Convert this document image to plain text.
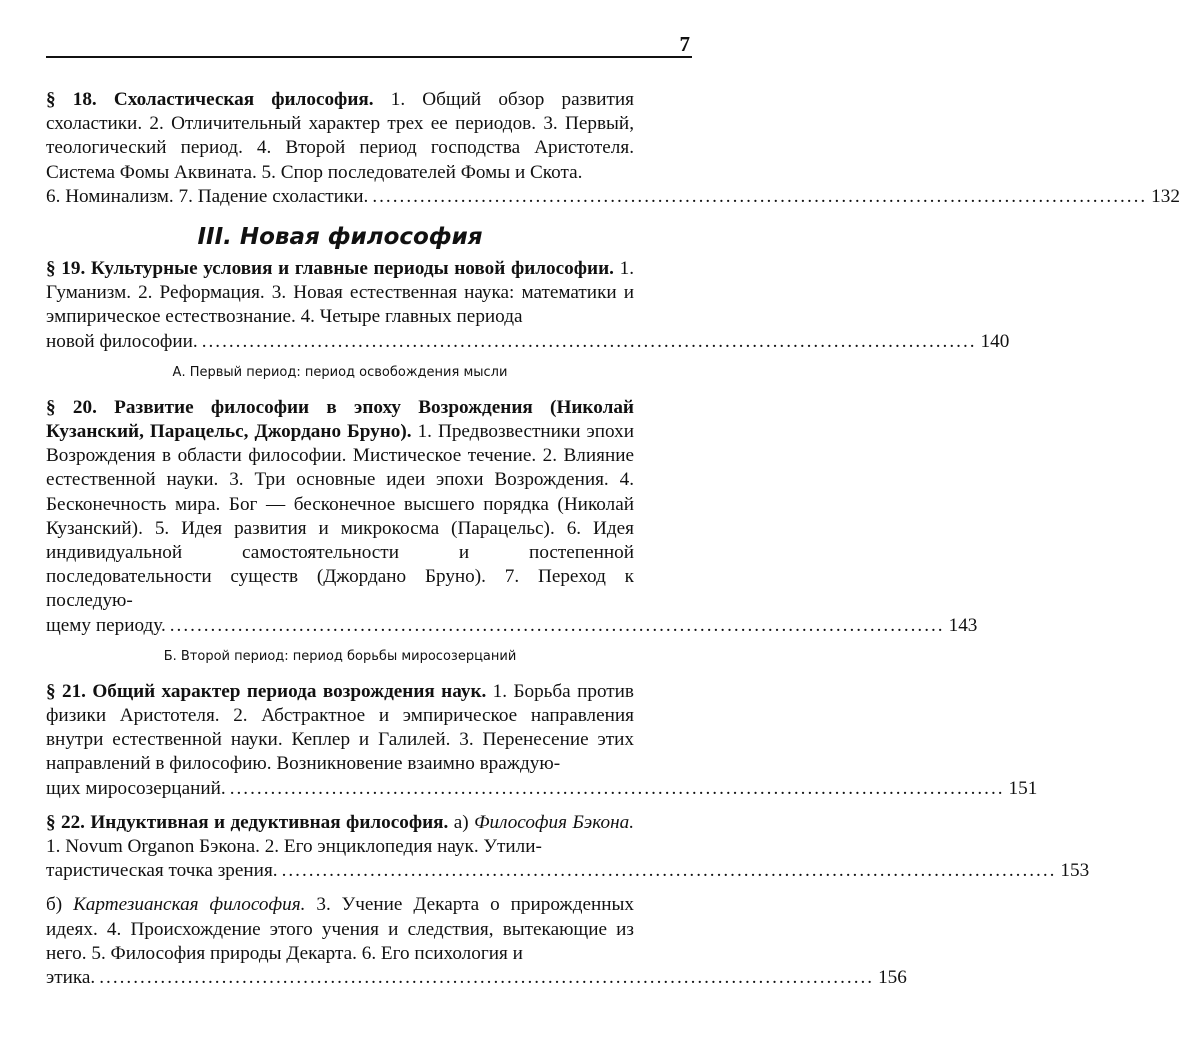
7
§ 18. Схоластическая философия. 1. Общий обзор развития схоластики. 2. Отличительный характер трех ее периодов. 3. Первый, теологический период. 4. Второй период господства Аристотеля. Система Фомы Аквината. 5. Спор последователей Фомы и Скота.
6. Номинализм. 7. Падение схоластики. .................................................................................................................. 132
III. Новая философия
§ 19. Культурные условия и главные периоды новой философии. 1. Гуманизм. 2. Реформация. 3. Новая естественная наука: математики и эмпирическое естествознание. 4. Четыре главных периода
новой философии. .................................................................................................................. 140
А. Первый период: период освобождения мысли
§ 20. Развитие философии в эпоху Возрождения (Николай Кузанский, Парацельс, Джордано Бруно). 1. Предвозвестники эпохи Возрождения в области философии. Мистическое течение. 2. Влияние естественной науки. 3. Три основные идеи эпохи Возрождения. 4. Бесконечность мира. Бог — бесконечное высшего порядка (Николай Кузанский). 5. Идея развития и микрокосма (Парацельс). 6. Идея индивидуальной самостоятельности и постепенной последовательности существ (Джордано Бруно). 7. Переход к последую-
щему периоду. .................................................................................................................. 143
Б. Второй период: период борьбы миросозерцаний
§ 21. Общий характер периода возрождения наук. 1. Борьба против физики Аристотеля. 2. Абстрактное и эмпирическое направления внутри естественной науки. Кеплер и Галилей. 3. Перенесение этих направлений в философию. Возникновение взаимно враждую-
щих миросозерцаний. .................................................................................................................. 151
§ 22. Индуктивная и дедуктивная философия. а) Философия Бэкона. 1. Novum Organon Бэкона. 2. Его энциклопедия наук. Утили-
таристическая точка зрения. .................................................................................................................. 153
б) Картезианская философия. 3. Учение Декарта о прирожденных идеях. 4. Происхождение этого учения и следствия, вытекающие из него. 5. Философия природы Декарта. 6. Его психология и
этика. .................................................................................................................. 156
